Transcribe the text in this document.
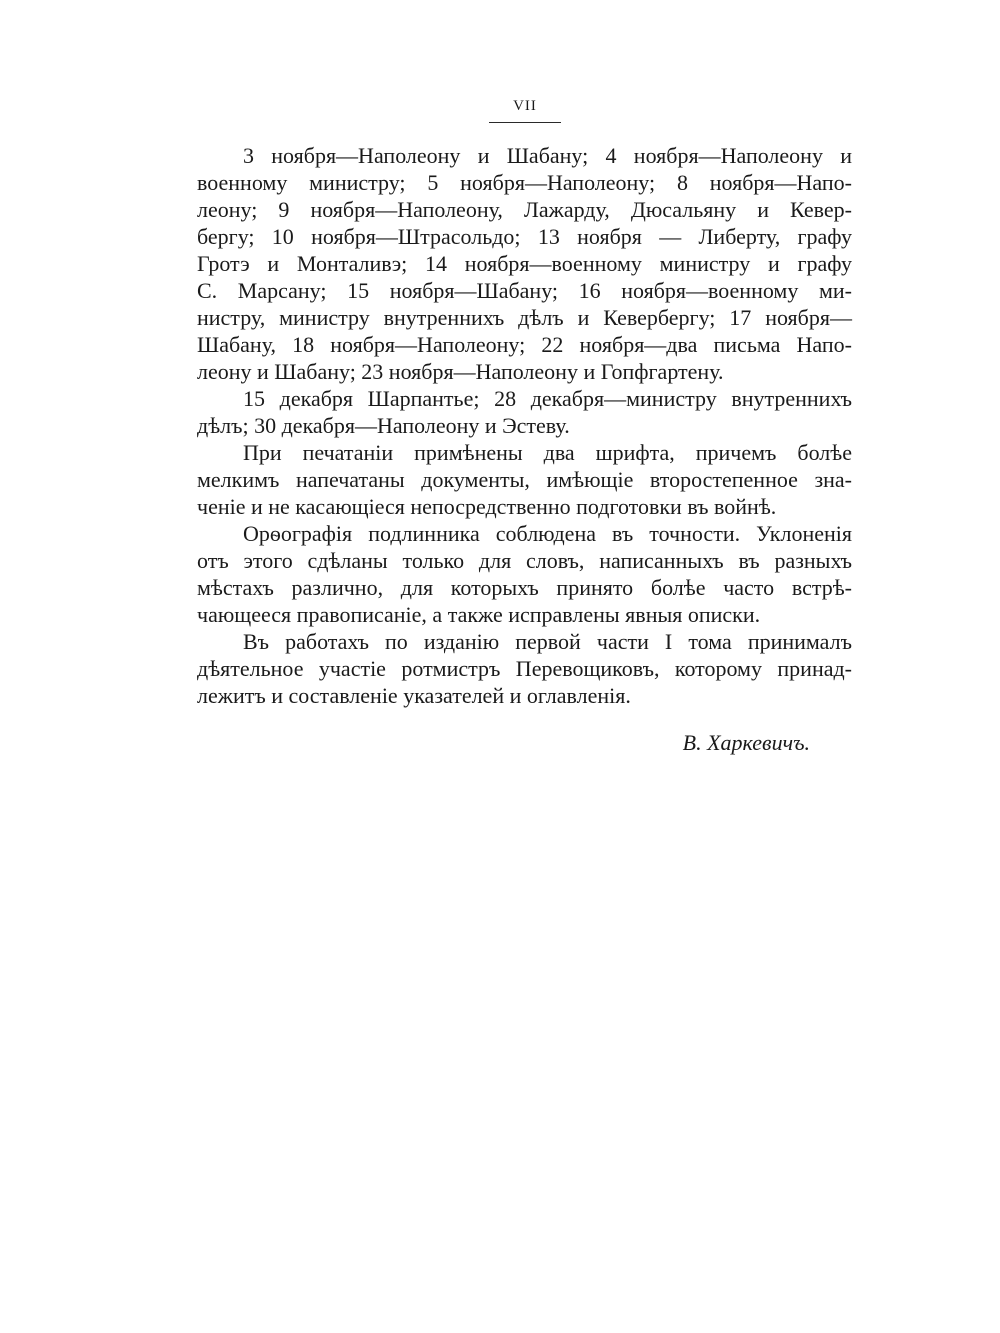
VII
3 ноября—Наполеону и Шабану; 4 ноября—Наполеону и
военному министру; 5 ноября—Наполеону; 8 ноября—Напо-
леону; 9 ноября—Наполеону, Лажарду, Дюсальяну и Кевер-
бергу; 10 ноября—Штрасольдо; 13 ноября — Либерту, графу
Гротэ и Монталивэ; 14 ноября—военному министру и графу
С. Марсану; 15 ноября—Шабану; 16 ноября—военному ми-
нистру, министру внутреннихъ дѣлъ и Кевербергу; 17 ноября—
Шабану, 18 ноября—Наполеону; 22 ноября—два письма Напо-
леону и Шабану; 23 ноября—Наполеону и Гопфгартену.
15 декабря Шарпантье; 28 декабря—министру внутреннихъ
дѣлъ; 30 декабря—Наполеону и Эстеву.
При печатаніи примѣнены два шрифта, причемъ болѣе
мелкимъ напечатаны документы, имѣющіе второстепенное зна-
ченіе и не касающіеся непосредственно подготовки въ войнѣ.
Орѳографія подлинника соблюдена въ точности. Уклоненія
отъ этого сдѣланы только для словъ, написанныхъ въ разныхъ
мѣстахъ различно, для которыхъ принято болѣе часто встрѣ-
чающееся правописаніе, а также исправлены явныя описки.
Въ работахъ по изданію первой части I тома принималъ
дѣятельное участіе ротмистръ Перевощиковъ, которому принад-
лежитъ и составленіе указателей и оглавленія.
В. Харкевичъ.
